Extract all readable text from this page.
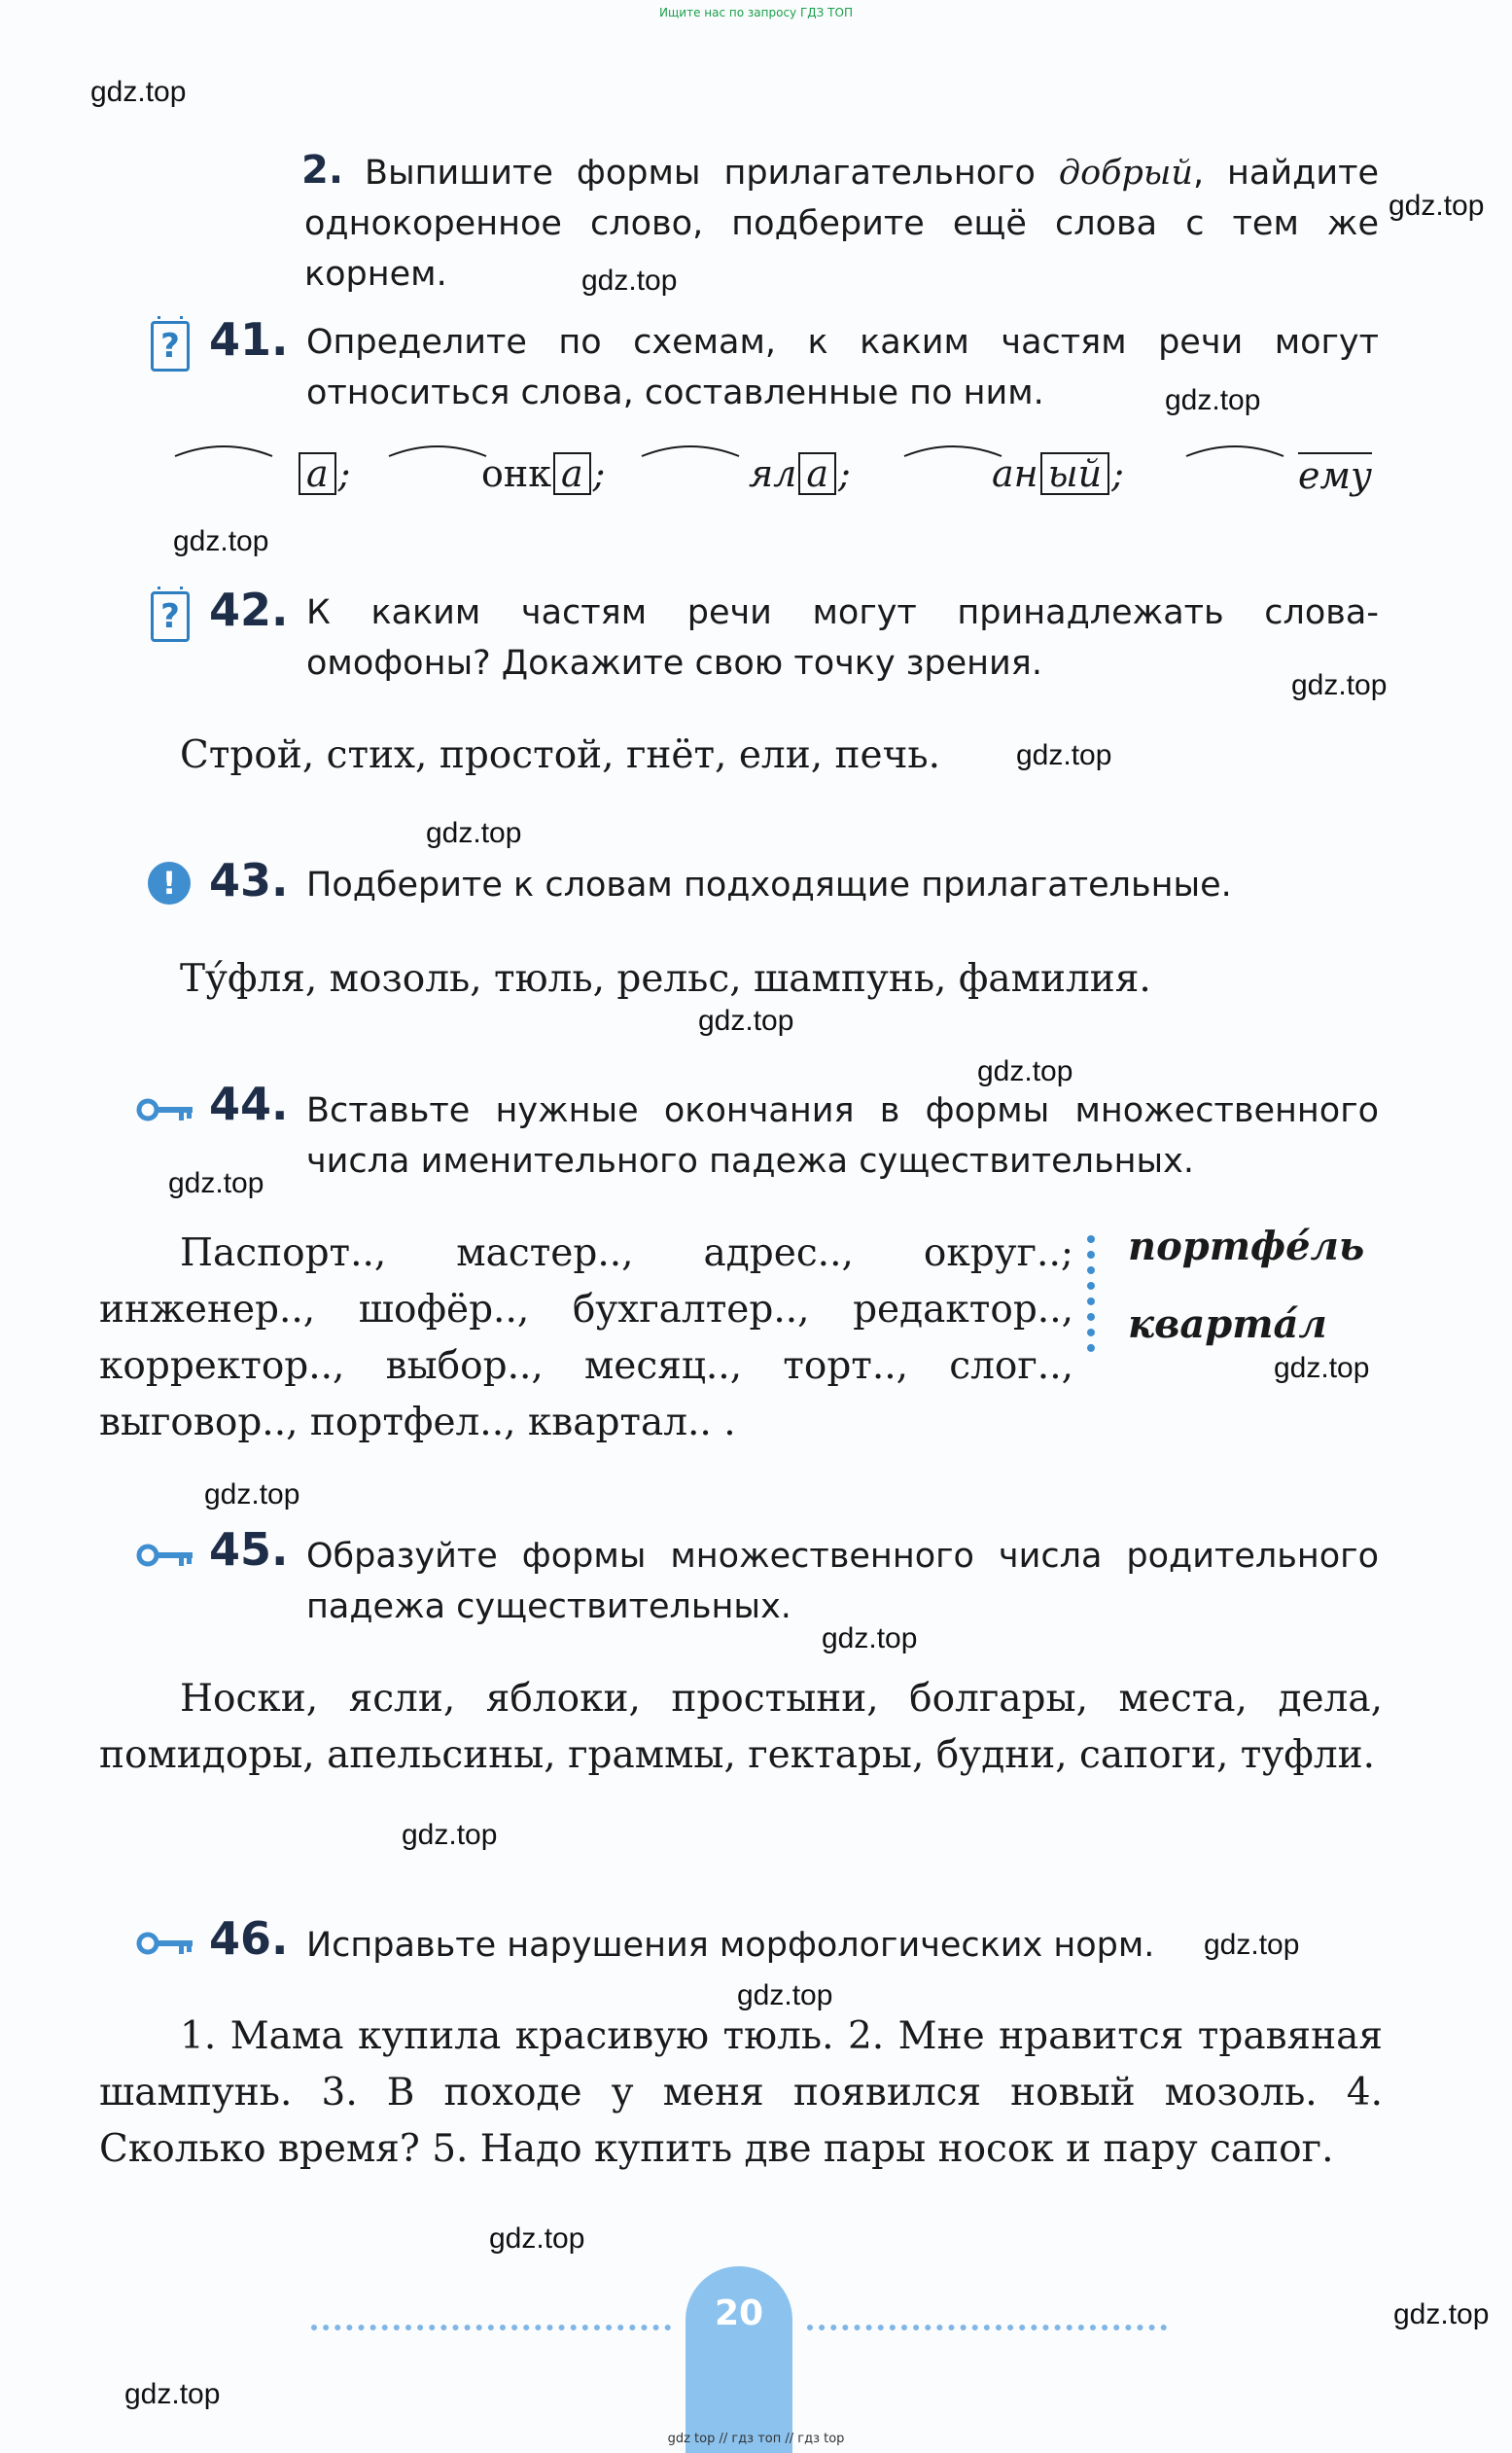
Ищите нас по запросу ГДЗ ТОП
gdz.top
gdz.top
gdz.top
gdz.top
gdz.top
gdz.top
gdz.top
gdz.top
gdz.top
gdz.top
gdz.top
gdz.top
gdz.top
gdz.top
gdz.top
gdz.top
gdz.top
gdz.top
gdz.top
gdz.top
2. Выпишите формы прилагательного добрый, найдите однокоренное слово, подберите ещё слова с тем же корнем.
? 41. Определите по схемам, к каким частям речи могут относиться слова, составленные по ним.
а ;	онк а ;	ял а ;	ан ый ;	ему
? 42. К каким частям речи могут принадлежать слова-омофоны? Докажите свою точку зрения.
Строй, стих, простой, гнёт, ели, печь.
! 43. Подберите к словам подходящие прилагательные.
Ту́фля, мозоль, тюль, рельс, шампунь, фамилия.
44. Вставьте нужные окончания в формы множественного числа именительного падежа существительных.
Паспорт.., мастер.., адрес.., округ..; инженер.., шофёр.., бухгалтер.., редактор.., корректор.., выбор.., месяц.., торт.., слог.., выговор.., портфел.., квартал.. .
портфе́ль
кварта́л
45. Образуйте формы множественного числа родительного падежа существительных.
Носки, ясли, яблоки, простыни, болгары, места, дела, помидоры, апельсины, граммы, гектары, будни, сапоги, туфли.
46. Исправьте нарушения морфологических норм.
1. Мама купила красивую тюль. 2. Мне нравится травяная шампунь. 3. В походе у меня появился новый мозоль. 4. Сколько время? 5. Надо купить две пары носок и пару сапог.
20
gdz top // гдз топ // гдз top
